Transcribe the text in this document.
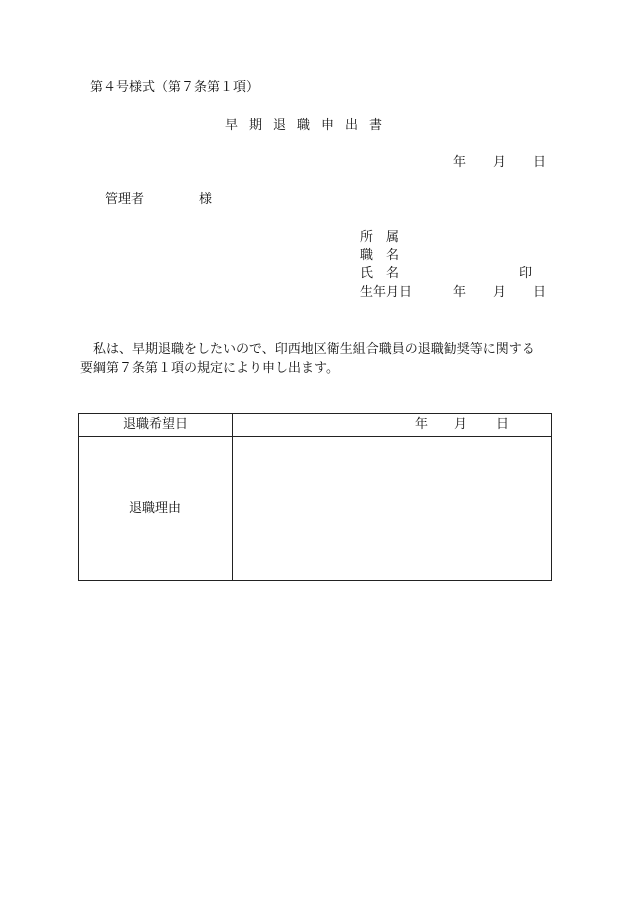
第４号様式（第７条第１項）
早期退職申出書
年 月 日
管理者	様
所　属
職　名
氏　名	印
生年月日	年 月 日
私は、早期退職をしたいので、印西地区衛生組合職員の退職勧奨等に関する
要綱第７条第１項の規定により申し出ます。
退職希望日	年 月 日
退職理由
